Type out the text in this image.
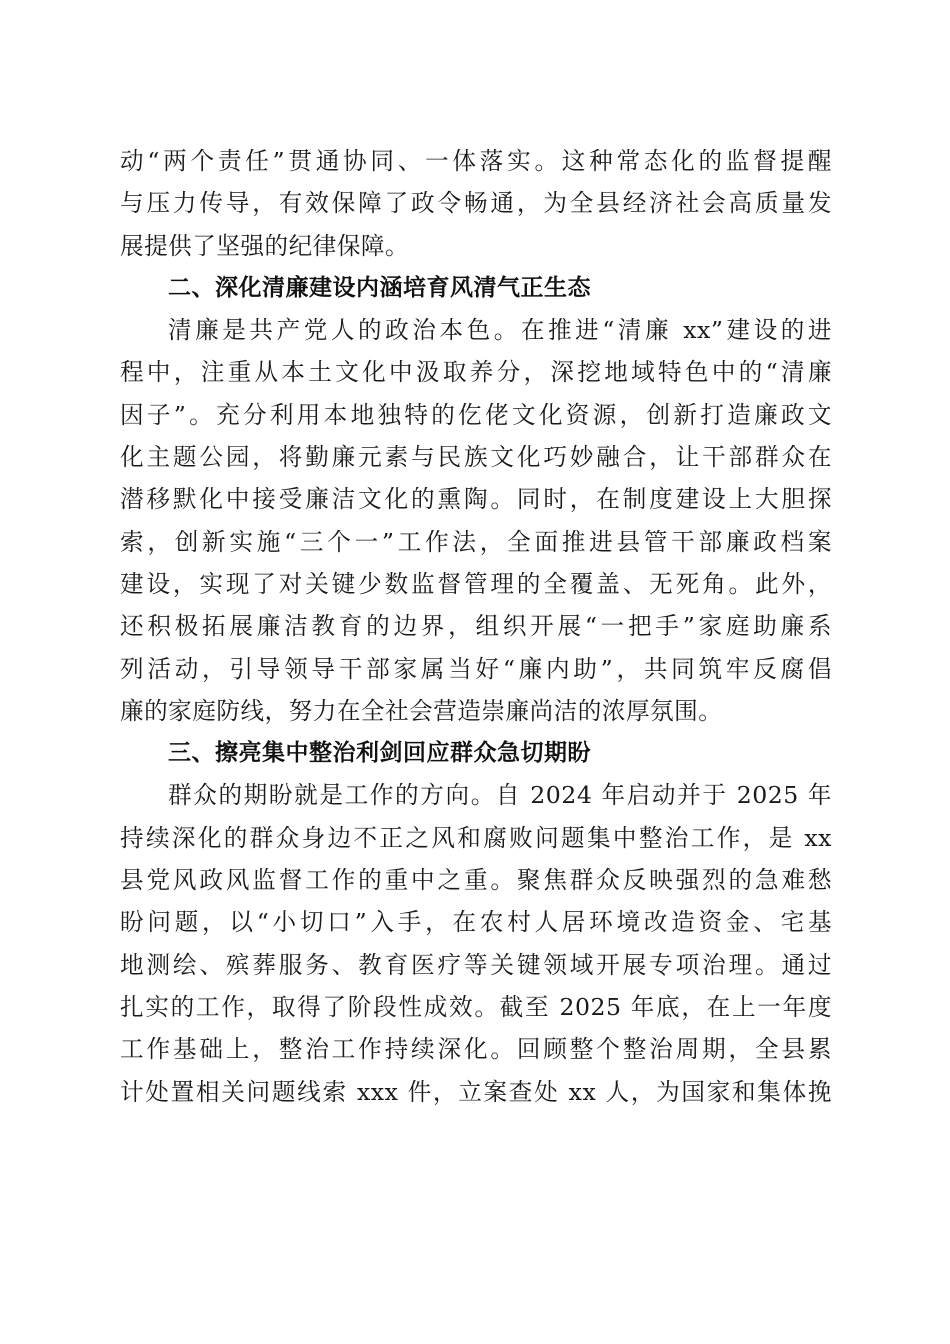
动“两个责任”贯通协同、一体落实。这种常态化的监督提醒
与压力传导，有效保障了政令畅通，为全县经济社会高质量发
展提供了坚强的纪律保障。
二、深化清廉建设内涵培育风清气正生态
清廉是共产党人的政治本色。在推进“清廉 xx”建设的进
程中，注重从本土文化中汲取养分，深挖地域特色中的“清廉
因子”。充分利用本地独特的仡佬文化资源，创新打造廉政文
化主题公园，将勤廉元素与民族文化巧妙融合，让干部群众在
潜移默化中接受廉洁文化的熏陶。同时，在制度建设上大胆探
索，创新实施“三个一”工作法，全面推进县管干部廉政档案
建设，实现了对关键少数监督管理的全覆盖、无死角。此外，
还积极拓展廉洁教育的边界，组织开展“一把手”家庭助廉系
列活动，引导领导干部家属当好“廉内助”，共同筑牢反腐倡
廉的家庭防线，努力在全社会营造崇廉尚洁的浓厚氛围。
三、擦亮集中整治利剑回应群众急切期盼
群众的期盼就是工作的方向。自 2024 年启动并于 2025 年
持续深化的群众身边不正之风和腐败问题集中整治工作，是 xx
县党风政风监督工作的重中之重。聚焦群众反映强烈的急难愁
盼问题，以“小切口”入手，在农村人居环境改造资金、宅基
地测绘、殡葬服务、教育医疗等关键领域开展专项治理。通过
扎实的工作，取得了阶段性成效。截至 2025 年底，在上一年度
工作基础上，整治工作持续深化。回顾整个整治周期，全县累
计处置相关问题线索 xxx 件，立案查处 xx 人，为国家和集体挽
